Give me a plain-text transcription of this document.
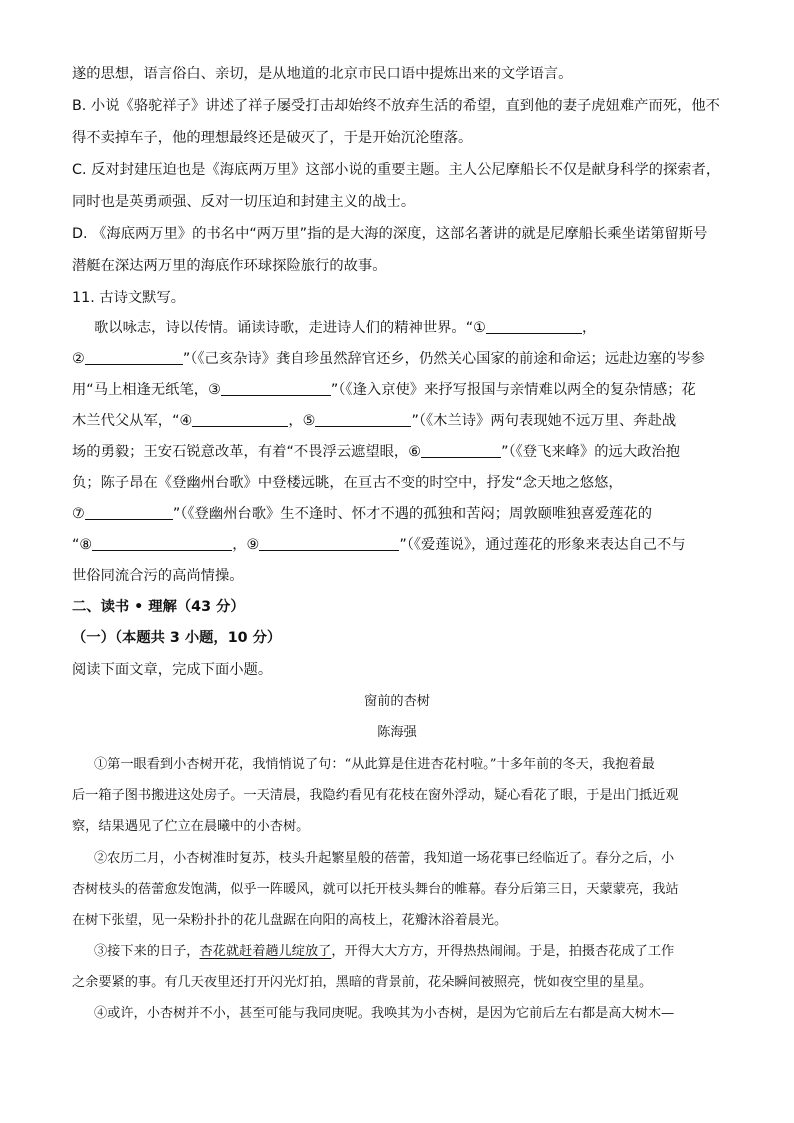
遂的思想，语言俗白、亲切，是从地道的北京市民口语中提炼出来的文学语言。
B. 小说《骆驼祥子》讲述了祥子屡受打击却始终不放弃生活的希望，直到他的妻子虎妞难产而死，他不
得不卖掉车子，他的理想最终还是破灭了，于是开始沉沦堕落。
C. 反对封建压迫也是《海底两万里》这部小说的重要主题。主人公尼摩船长不仅是献身科学的探索者，
同时也是英勇顽强、反对一切压迫和封建主义的战士。
D. 《海底两万里》的书名中“两万里”指的是大海的深度，这部名著讲的就是尼摩船长乘坐诺第留斯号
潜艇在深达两万里的海底作环球探险旅行的故事。
11. 古诗文默写。
歌以咏志，诗以传情。诵读诗歌，走进诗人们的精神世界。“①	，
②	”（《己亥杂诗》龚自珍虽然辞官还乡，仍然关心国家的前途和命运；远赴边塞的岑参
用“马上相逢无纸笔，③	”（《逢入京使》来抒写报国与亲情难以两全的复杂情感；花
木兰代父从军，“④	，⑤	”（《木兰诗》两句表现她不远万里、奔赴战
场的勇毅；王安石锐意改革，有着“不畏浮云遮望眼，⑥	”（《登飞来峰》的远大政治抱
负；陈子昂在《登幽州台歌》中登楼远眺，在亘古不变的时空中，抒发“念天地之悠悠，
⑦	”（《登幽州台歌》生不逢时、怀才不遇的孤独和苦闷；周敦颐唯独喜爱莲花的
“⑧	，⑨	”（《爱莲说》，通过莲花的形象来表达自己不与
世俗同流合污的高尚情操。
二、读书 • 理解（43 分）
（一）（本题共 3 小题，10 分）
阅读下面文章，完成下面小题。
窗前的杏树
陈海强
①第一眼看到小杏树开花，我悄悄说了句：“从此算是住进杏花村啦。”十多年前的冬天，我抱着最
后一箱子图书搬进这处房子。一天清晨，我隐约看见有花枝在窗外浮动，疑心看花了眼，于是出门抵近观
察，结果遇见了伫立在晨曦中的小杏树。
②农历二月，小杏树准时复苏，枝头升起繁星般的蓓蕾，我知道一场花事已经临近了。春分之后，小
杏树枝头的蓓蕾愈发饱满，似乎一阵暖风，就可以托开枝头舞台的帷幕。春分后第三日，天蒙蒙亮，我站
在树下张望，见一朵粉扑扑的花儿盘踞在向阳的高枝上，花瓣沐浴着晨光。
③接下来的日子，杏花就赶着趟儿绽放了，开得大大方方，开得热热闹闹。于是，拍摄杏花成了工作
之余要紧的事。有几天夜里还打开闪光灯拍，黑暗的背景前，花朵瞬间被照亮，恍如夜空里的星星。
④或许，小杏树并不小，甚至可能与我同庚呢。我唤其为小杏树，是因为它前后左右都是高大树木—
